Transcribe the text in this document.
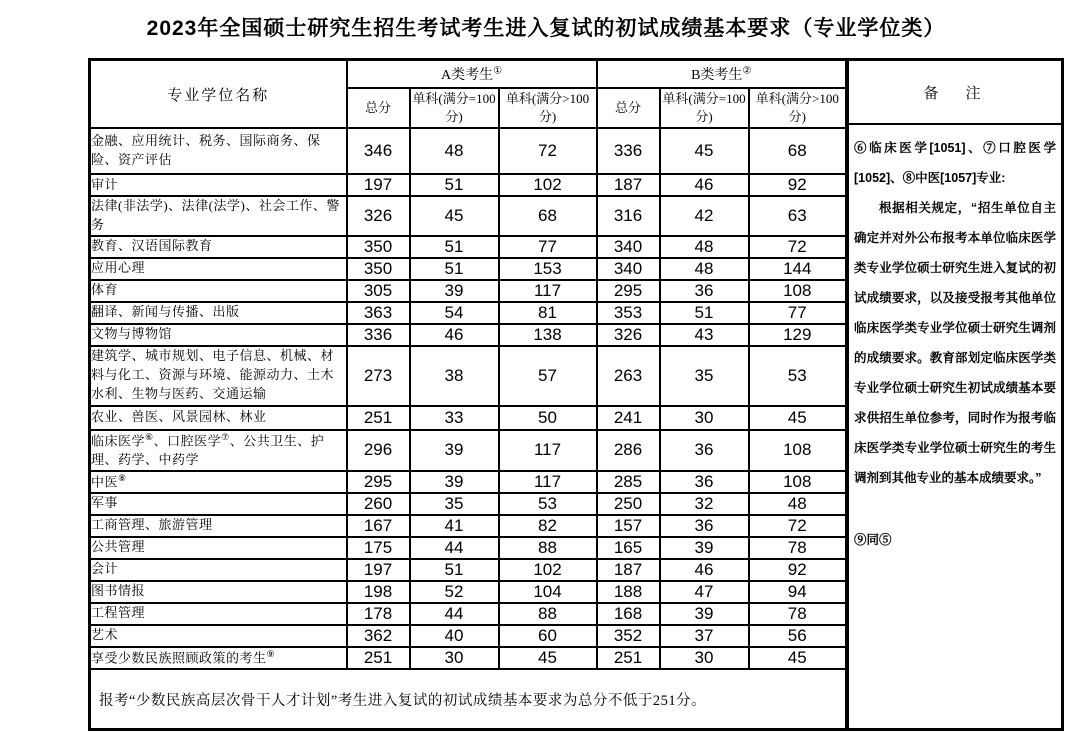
2023年全国硕士研究生招生考试考生进入复试的初试成绩基本要求（专业学位类）
专业学位名称	A类考生①			B类考生②
	总分	单科(满分=100分)	单科(满分>100分)	总分	单科(满分=100分)	单科(满分>100分)
金融、应用统计、税务、国际商务、保险、资产评估	346	48	72	336	45	68
审计	197	51	102	187	46	92
法律(非法学)、法律(法学)、社会工作、警务	326	45	68	316	42	63
教育、汉语国际教育	350	51	77	340	48	72
应用心理	350	51	153	340	48	144
体育	305	39	117	295	36	108
翻译、新闻与传播、出版	363	54	81	353	51	77
文物与博物馆	336	46	138	326	43	129
建筑学、城市规划、电子信息、机械、材料与化工、资源与环境、能源动力、土木水利、生物与医药、交通运输	273	38	57	263	35	53
农业、兽医、风景园林、林业	251	33	50	241	30	45
临床医学⑥、口腔医学⑦、公共卫生、护理、药学、中药学	296	39	117	286	36	108
中医⑧	295	39	117	285	36	108
军事	260	35	53	250	32	48
工商管理、旅游管理	167	41	82	157	36	72
公共管理	175	44	88	165	39	78
会计	197	51	102	187	46	92
图书情报	198	52	104	188	47	94
工程管理	178	44	88	168	39	78
艺术	362	40	60	352	37	56
享受少数民族照顾政策的考生⑨	251	30	45	251	30	45
报考“少数民族高层次骨干人才计划”考生进入复试的初试成绩基本要求为总分不低于251分。						
备　注

⑥临床医学[1051]、⑦口腔医学[1052]、⑧中医[1057]专业:

根据相关规定，“招生单位自主确定并对外公布报考本单位临床医学类专业学位硕士研究生进入复试的初试成绩要求，以及接受报考其他单位临床医学类专业学位硕士研究生调剂的成绩要求。教育部划定临床医学类专业学位硕士研究生初试成绩基本要求供招生单位参考，同时作为报考临床医学类专业学位硕士研究生的考生调剂到其他专业的基本成绩要求。”

⑨同⑤
